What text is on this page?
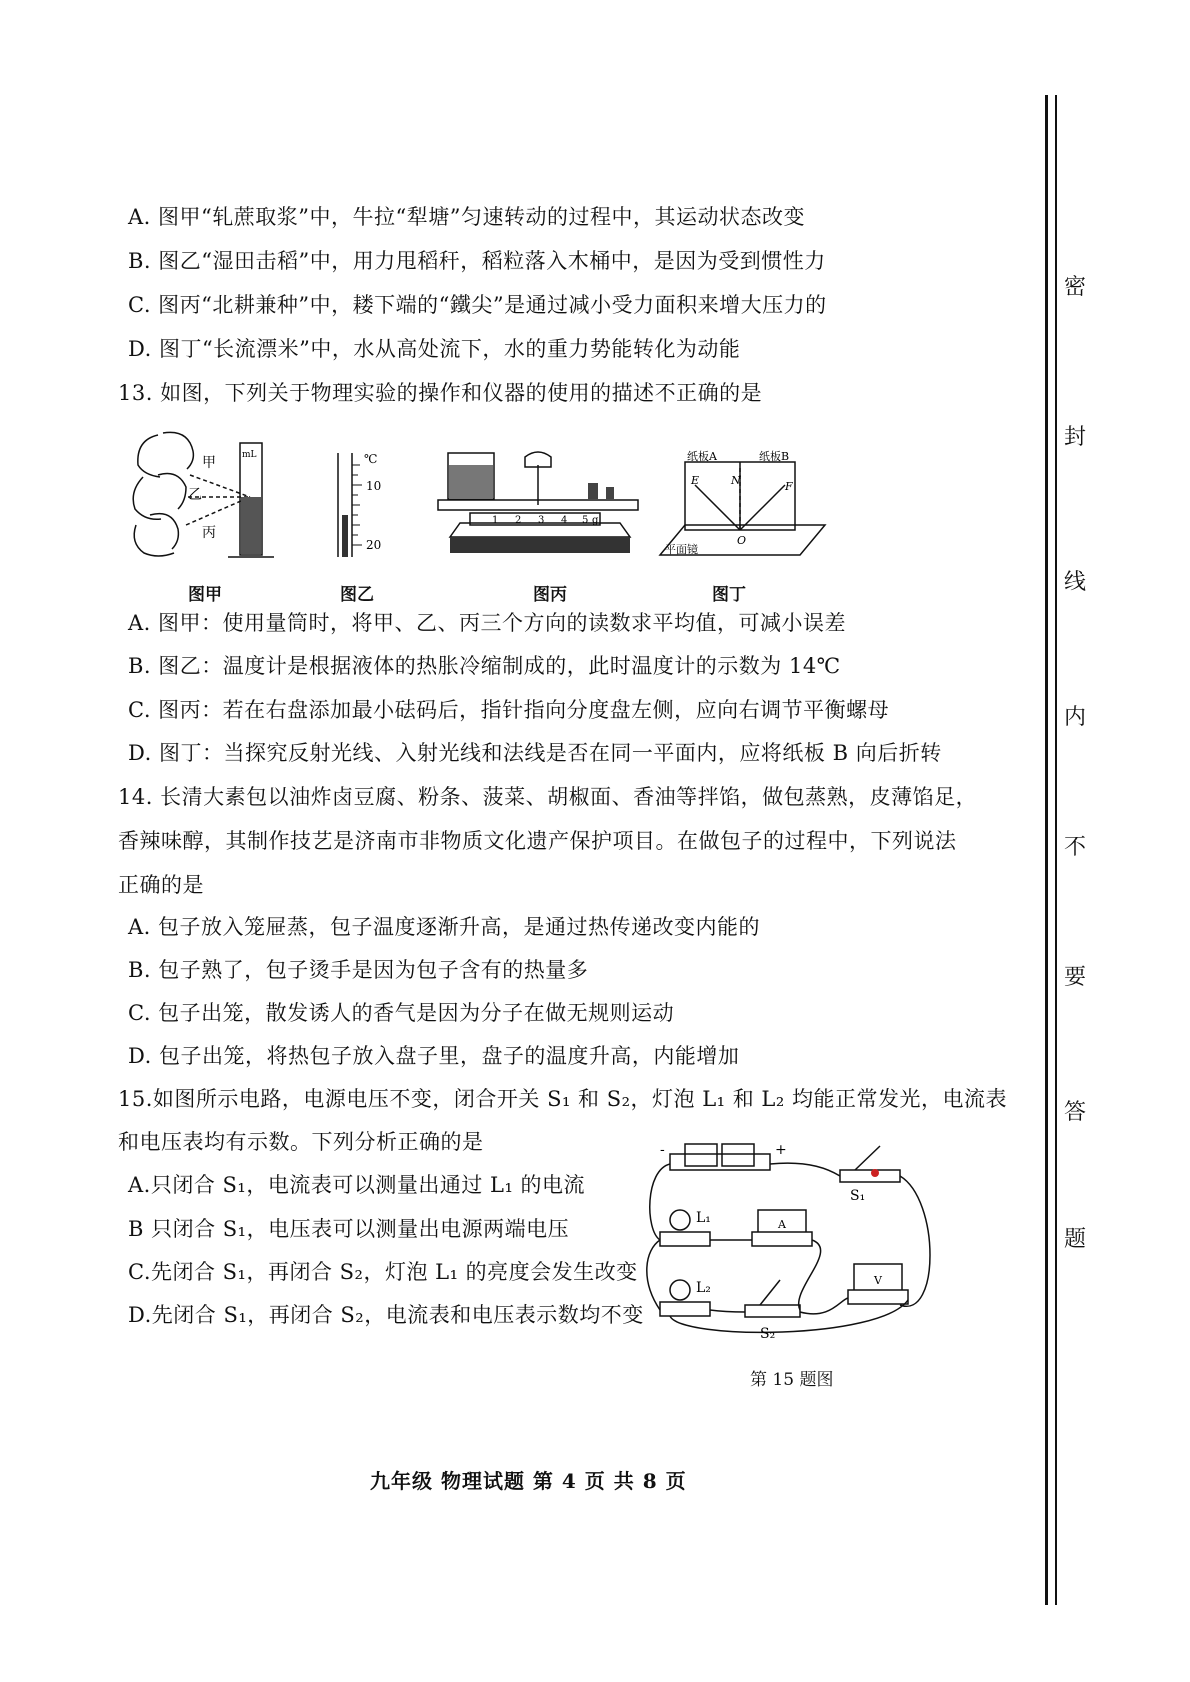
A. 图甲“轧蔗取浆”中，牛拉“犁塘”匀速转动的过程中，其运动状态改变
B. 图乙“湿田击稻”中，用力甩稻秆，稻粒落入木桶中，是因为受到惯性力
C. 图丙“北耕兼种”中，耧下端的“鐵尖”是通过减小受力面积来增大压力的
D. 图丁“长流漂米”中，水从高处流下，水的重力势能转化为动能
13. 如图，下列关于物理实验的操作和仪器的使用的描述不正确的是
mL
甲
乙
丙
图甲
℃
10
20
图乙
1 2 3 4 5 g
图丙
纸板A	纸板B
E	N	F
O
平面镜
图丁
A. 图甲：使用量筒时，将甲、乙、丙三个方向的读数求平均值，可减小误差
B. 图乙：温度计是根据液体的热胀冷缩制成的，此时温度计的示数为 14℃
C. 图丙：若在右盘添加最小砝码后，指针指向分度盘左侧，应向右调节平衡螺母
D. 图丁：当探究反射光线、入射光线和法线是否在同一平面内，应将纸板 B 向后折转
14. 长清大素包以油炸卤豆腐、粉条、菠菜、胡椒面、香油等拌馅，做包蒸熟，皮薄馅足，
香辣味醇，其制作技艺是济南市非物质文化遗产保护项目。在做包子的过程中，下列说法
正确的是
A. 包子放入笼屉蒸，包子温度逐渐升高，是通过热传递改变内能的
B. 包子熟了，包子烫手是因为包子含有的热量多
C. 包子出笼，散发诱人的香气是因为分子在做无规则运动
D. 包子出笼，将热包子放入盘子里，盘子的温度升高，内能增加
15.如图所示电路，电源电压不变，闭合开关 S₁ 和 S₂，灯泡 L₁ 和 L₂ 均能正常发光，电流表
和电压表均有示数。下列分析正确的是
A.只闭合 S₁，电流表可以测量出通过 L₁ 的电流
B 只闭合 S₁，电压表可以测量出电源两端电压
C.先闭合 S₁，再闭合 S₂，灯泡 L₁ 的亮度会发生改变
D.先闭合 S₁，再闭合 S₂，电流表和电压表示数均不变
-	+
S₁
L₁
L₂
S₂
A
V
第 15 题图
九年级 物理试题 第 4 页 共 8 页
密
封
线
内
不
要
答
题
